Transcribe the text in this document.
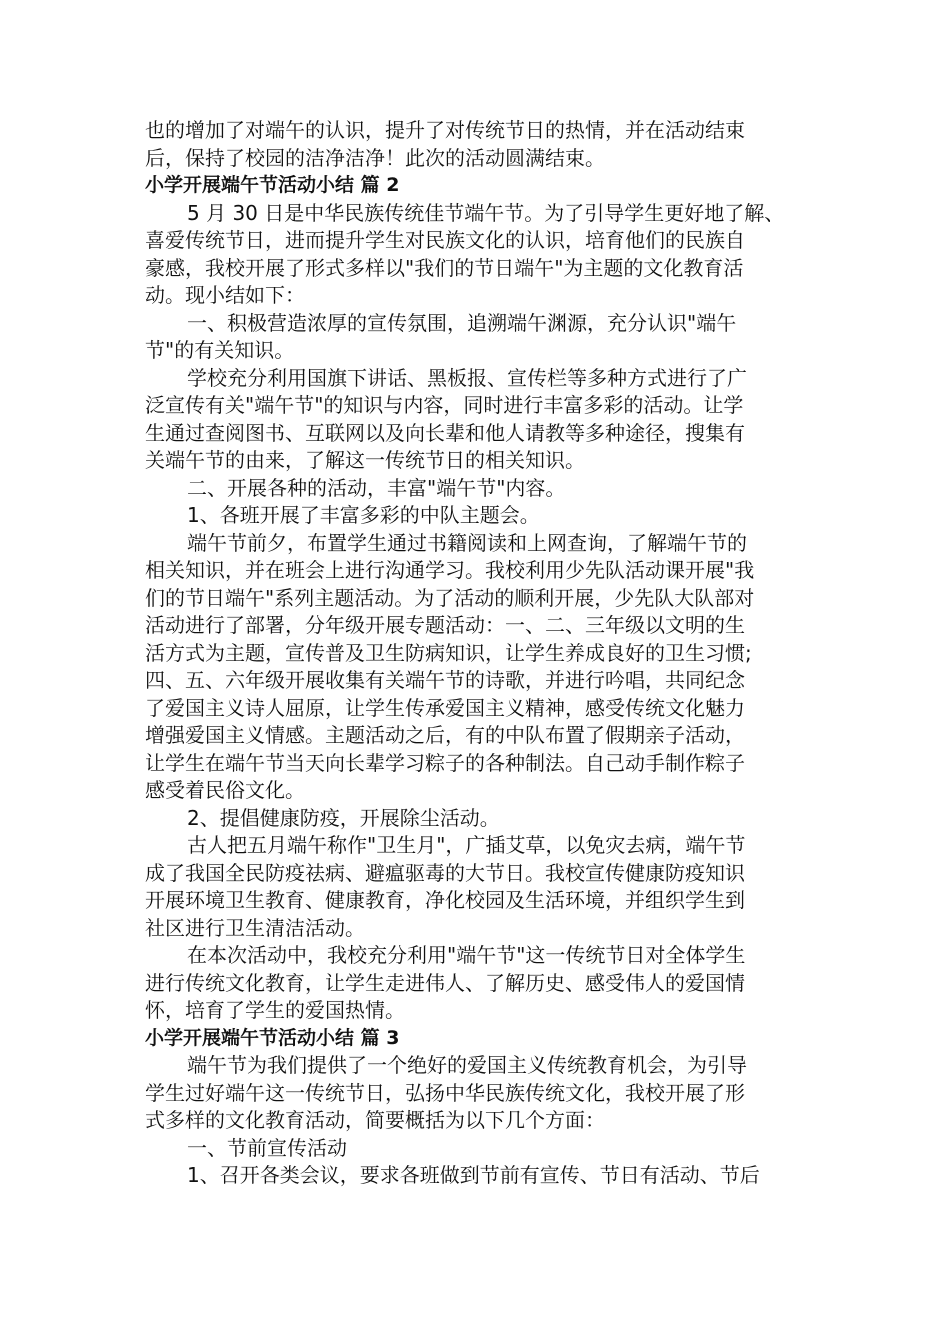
也的增加了对端午的认识，提升了对传统节日的热情，并在活动结束
后，保持了校园的洁净洁净！此次的活动圆满结束。
小学开展端午节活动小结 篇 2
5 月 30 日是中华民族传统佳节端午节。为了引导学生更好地了解、
喜爱传统节日，进而提升学生对民族文化的认识，培育他们的民族自
豪感，我校开展了形式多样以"我们的节日端午"为主题的文化教育活
动。现小结如下：
一、积极营造浓厚的宣传氛围，追溯端午渊源，充分认识"端午
节"的有关知识。
学校充分利用国旗下讲话、黑板报、宣传栏等多种方式进行了广
泛宣传有关"端午节"的知识与内容，同时进行丰富多彩的活动。让学
生通过查阅图书、互联网以及向长辈和他人请教等多种途径，搜集有
关端午节的由来，了解这一传统节日的相关知识。
二、开展各种的活动，丰富"端午节"内容。
1、各班开展了丰富多彩的中队主题会。
端午节前夕，布置学生通过书籍阅读和上网查询，了解端午节的
相关知识，并在班会上进行沟通学习。我校利用少先队活动课开展"我
们的节日端午"系列主题活动。为了活动的顺利开展，少先队大队部对
活动进行了部署，分年级开展专题活动：一、二、三年级以文明的生
活方式为主题，宣传普及卫生防病知识，让学生养成良好的卫生习惯;
四、五、六年级开展收集有关端午节的诗歌，并进行吟唱，共同纪念
了爱国主义诗人屈原，让学生传承爱国主义精神，感受传统文化魅力
增强爱国主义情感。主题活动之后，有的中队布置了假期亲子活动，
让学生在端午节当天向长辈学习粽子的各种制法。自己动手制作粽子
感受着民俗文化。
2、提倡健康防疫，开展除尘活动。
古人把五月端午称作"卫生月"，广插艾草，以免灾去病，端午节
成了我国全民防疫祛病、避瘟驱毒的大节日。我校宣传健康防疫知识
开展环境卫生教育、健康教育，净化校园及生活环境，并组织学生到
社区进行卫生清洁活动。
在本次活动中，我校充分利用"端午节"这一传统节日对全体学生
进行传统文化教育，让学生走进伟人、了解历史、感受伟人的爱国情
怀，培育了学生的爱国热情。
小学开展端午节活动小结 篇 3
端午节为我们提供了一个绝好的爱国主义传统教育机会，为引导
学生过好端午这一传统节日，弘扬中华民族传统文化，我校开展了形
式多样的文化教育活动，简要概括为以下几个方面：
一、节前宣传活动
1、召开各类会议，要求各班做到节前有宣传、节日有活动、节后
